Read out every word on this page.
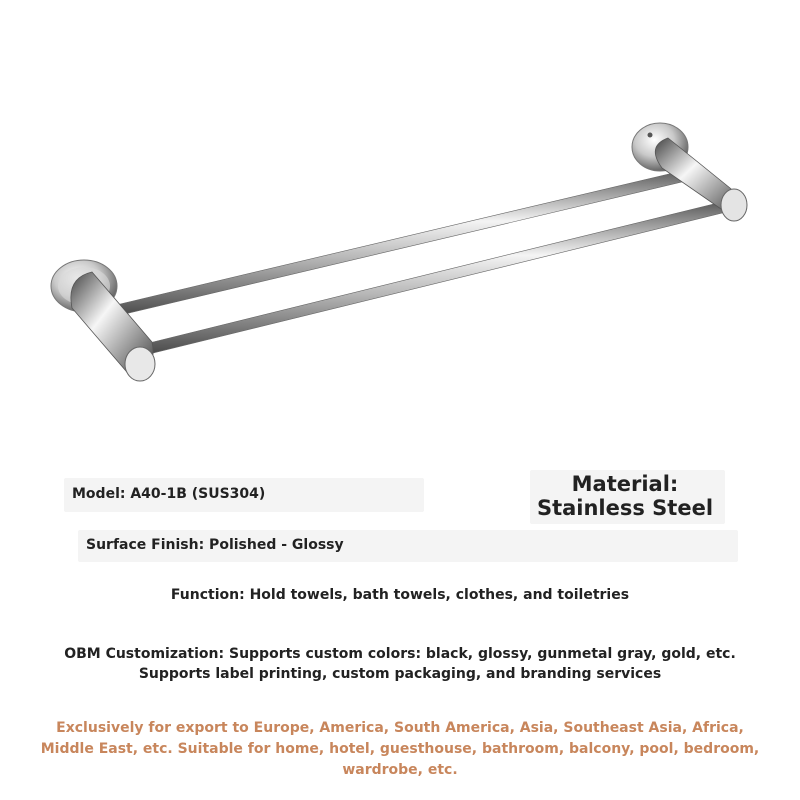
Model: A40-1B (SUS304)	Material:
Stainless Steel
Surface Finish: Polished - Glossy
Function: Hold towels, bath towels, clothes, and toiletries
OBM Customization: Supports custom colors: black, glossy, gunmetal gray, gold, etc. Supports label printing, custom packaging, and branding services
Exclusively for export to Europe, America, South America, Asia, Southeast Asia, Africa, Middle East, etc. Suitable for home, hotel, guesthouse, bathroom, balcony, pool, bedroom, wardrobe, etc.
